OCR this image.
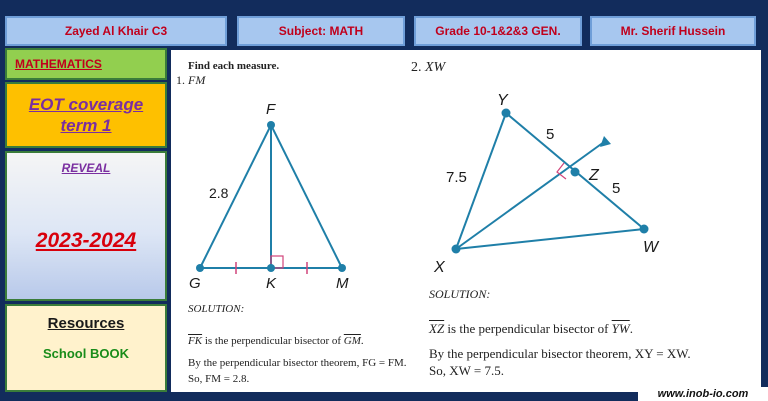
Zayed Al Khair C3	Subject: MATH	Grade 10-1&2&3 GEN.	Mr. Sherif Hussein
MATHEMATICS
EOT coverage
term 1
REVEAL
2023-2024
Resources
School BOOK
Find each measure.
1. FM
2. XW
F
G	K	M
2.8
Y
X
Z
W
5
5
7.5
SOLUTION:
$\overline{FK}$ is the perpendicular bisector of $\overline{GM}$.
By the perpendicular bisector theorem, FG = FM.
So, FM = 2.8.
SOLUTION:
$\overline{XZ}$ is the perpendicular bisector of $\overline{YW}$.
By the perpendicular bisector theorem, XY = XW.
So, XW = 7.5.
www.inob-io.com
